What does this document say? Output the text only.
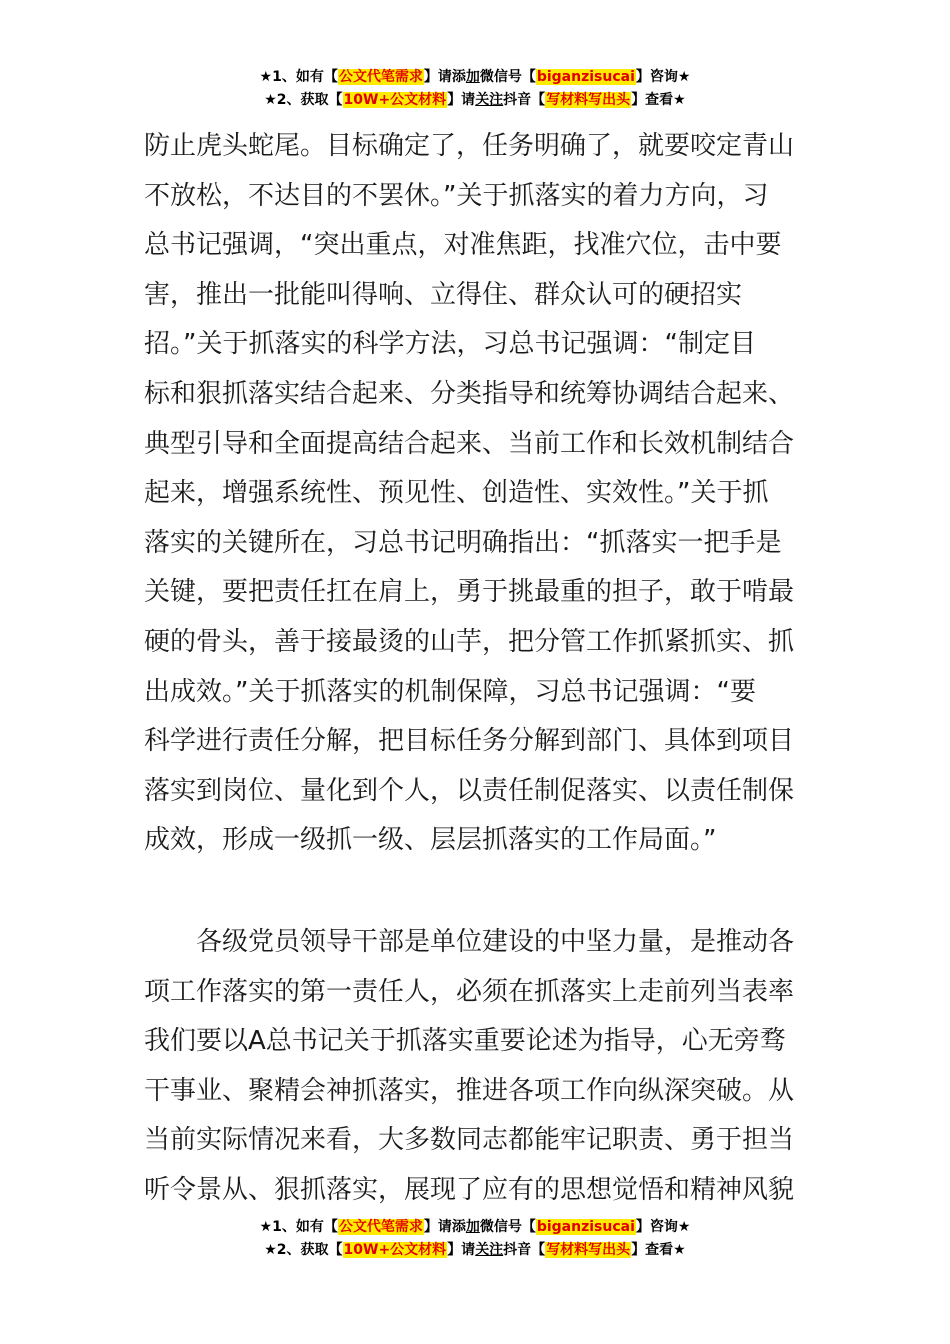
★1、如有【公文代笔需求】请添加微信号【biganzisucai】咨询★
★2、获取【10W+公文材料】请关注抖音【写材料写出头】查看★
防止虎头蛇尾。目标确定了，任务明确了，就要咬定青山
不放松，不达目的不罢休。”关于抓落实的着力方向，习
总书记强调，“突出重点，对准焦距，找准穴位，击中要
害，推出一批能叫得响、立得住、群众认可的硬招实
招。”关于抓落实的科学方法，习总书记强调：“制定目
标和狠抓落实结合起来、分类指导和统筹协调结合起来、
典型引导和全面提高结合起来、当前工作和长效机制结合
起来，增强系统性、预见性、创造性、实效性。”关于抓
落实的关键所在，习总书记明确指出：“抓落实一把手是
关键，要把责任扛在肩上，勇于挑最重的担子，敢于啃最
硬的骨头，善于接最烫的山芋，把分管工作抓紧抓实、抓
出成效。”关于抓落实的机制保障，习总书记强调：“要
科学进行责任分解，把目标任务分解到部门、具体到项目
落实到岗位、量化到个人，以责任制促落实、以责任制保
成效，形成一级抓一级、层层抓落实的工作局面。”
各级党员领导干部是单位建设的中坚力量，是推动各
项工作落实的第一责任人，必须在抓落实上走前列当表率
我们要以A总书记关于抓落实重要论述为指导，心无旁骛
干事业、聚精会神抓落实，推进各项工作向纵深突破。从
当前实际情况来看，大多数同志都能牢记职责、勇于担当
听令景从、狠抓落实，展现了应有的思想觉悟和精神风貌
★1、如有【公文代笔需求】请添加微信号【biganzisucai】咨询★
★2、获取【10W+公文材料】请关注抖音【写材料写出头】查看★
